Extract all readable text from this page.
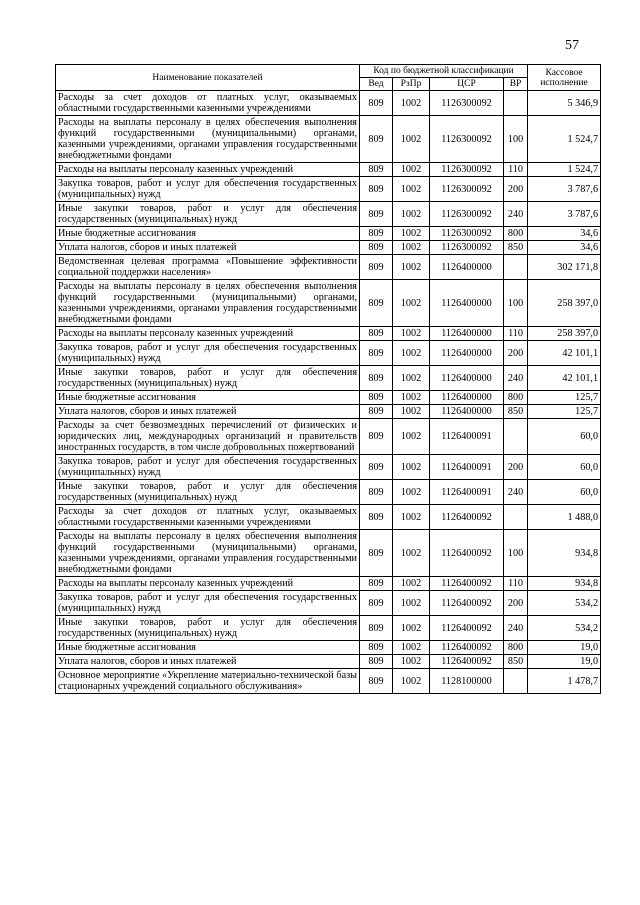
57
Наименование показателей	Код по бюджетной классификации				Кассовое исполнение
	Вед	РзПр	ЦСР	ВР	
Расходы за счет доходов от платных услуг, оказываемых областными государственными казенными учреждениями	809	1002	1126300092		5 346,9
Расходы на выплаты персоналу в целях обеспечения выполнения функций государственными (муниципальными) органами, казенными учреждениями, органами управления государственными внебюджетными фондами	809	1002	1126300092	100	1 524,7
Расходы на выплаты персоналу казенных учреждений	809	1002	1126300092	110	1 524,7
Закупка товаров, работ и услуг для обеспечения государственных (муниципальных) нужд	809	1002	1126300092	200	3 787,6
Иные закупки товаров, работ и услуг для обеспечения государственных (муниципальных) нужд	809	1002	1126300092	240	3 787,6
Иные бюджетные ассигнования	809	1002	1126300092	800	34,6
Уплата налогов, сборов и иных платежей	809	1002	1126300092	850	34,6
Ведомственная целевая программа «Повышение эффективности социальной поддержки населения»	809	1002	1126400000		302 171,8
Расходы на выплаты персоналу в целях обеспечения выполнения функций государственными (муниципальными) органами, казенными учреждениями, органами управления государственными внебюджетными фондами	809	1002	1126400000	100	258 397,0
Расходы на выплаты персоналу казенных учреждений	809	1002	1126400000	110	258 397,0
Закупка товаров, работ и услуг для обеспечения государственных (муниципальных) нужд	809	1002	1126400000	200	42 101,1
Иные закупки товаров, работ и услуг для обеспечения государственных (муниципальных) нужд	809	1002	1126400000	240	42 101,1
Иные бюджетные ассигнования	809	1002	1126400000	800	125,7
Уплата налогов, сборов и иных платежей	809	1002	1126400000	850	125,7
Расходы за счет безвозмездных перечислений от физических и юридических лиц, международных организаций и правительств иностранных государств, в том числе добровольных пожертвований	809	1002	1126400091		60,0
Закупка товаров, работ и услуг для обеспечения государственных (муниципальных) нужд	809	1002	1126400091	200	60,0
Иные закупки товаров, работ и услуг для обеспечения государственных (муниципальных) нужд	809	1002	1126400091	240	60,0
Расходы за счет доходов от платных услуг, оказываемых областными государственными казенными учреждениями	809	1002	1126400092		1 488,0
Расходы на выплаты персоналу в целях обеспечения выполнения функций государственными (муниципальными) органами, казенными учреждениями, органами управления государственными внебюджетными фондами	809	1002	1126400092	100	934,8
Расходы на выплаты персоналу казенных учреждений	809	1002	1126400092	110	934,8
Закупка товаров, работ и услуг для обеспечения государственных (муниципальных) нужд	809	1002	1126400092	200	534,2
Иные закупки товаров, работ и услуг для обеспечения государственных (муниципальных) нужд	809	1002	1126400092	240	534,2
Иные бюджетные ассигнования	809	1002	1126400092	800	19,0
Уплата налогов, сборов и иных платежей	809	1002	1126400092	850	19,0
Основное мероприятие «Укрепление материально-технической базы стационарных учреждений социального обслуживания»	809	1002	1128100000		1 478,7
